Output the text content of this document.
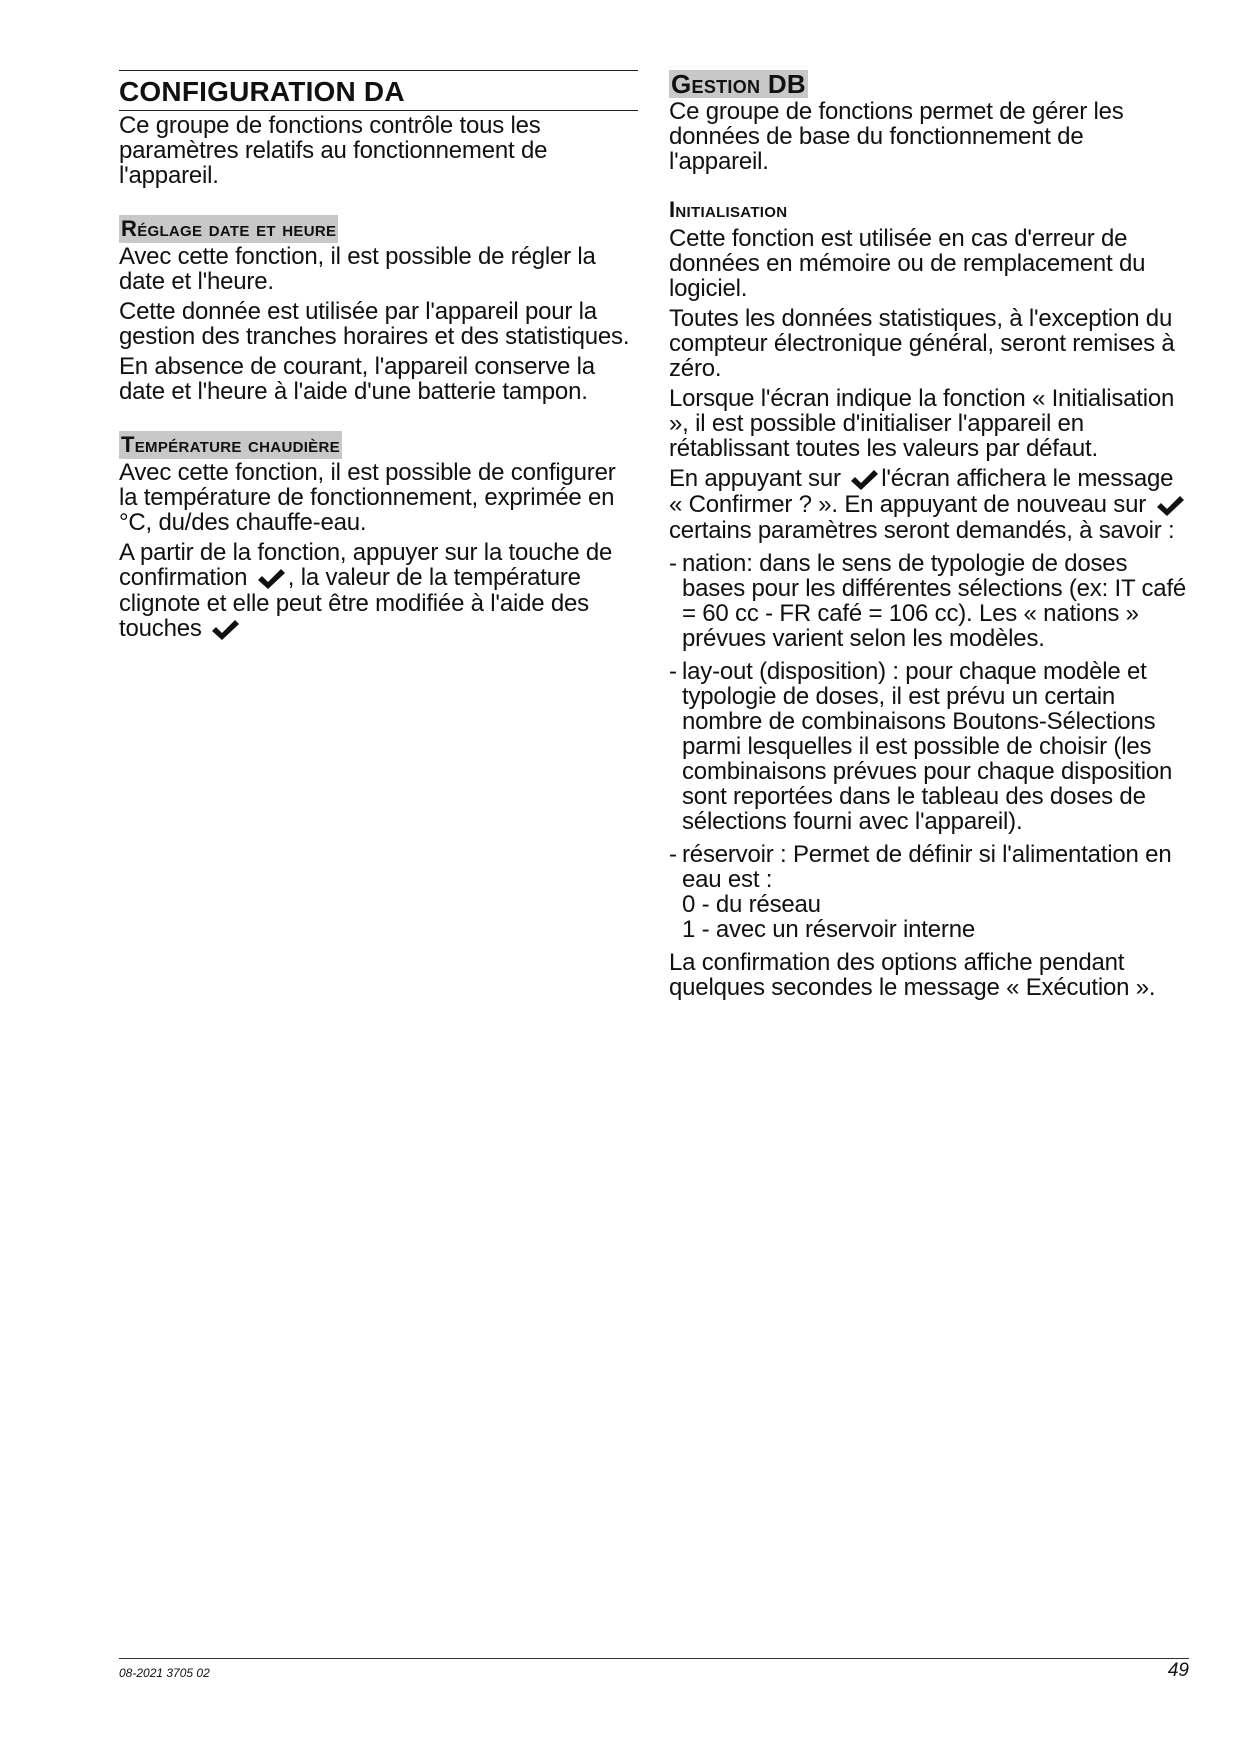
CONFIGURATION DA

Ce groupe de fonctions contrôle tous les paramètres relatifs au fonctionnement de l'appareil.

Réglage date et heure

Avec cette fonction, il est possible de régler la date et l'heure.

Cette donnée est utilisée par l'appareil pour la gestion des tranches horaires et des statistiques.

En absence de courant, l'appareil conserve la date et l'heure à l'aide d'une batterie tampon.

Température chaudière

Avec cette fonction, il est possible de configurer la température de fonctionnement, exprimée en °C, du/des chauffe-eau.

A partir de la fonction, appuyer sur la touche de confirmation , la valeur de la température clignote et elle peut être modifiée à l'aide des touches

Gestion DB

Ce groupe de fonctions permet de gérer les données de base du fonctionnement de l'appareil.

Initialisation

Cette fonction est utilisée en cas d'erreur de données en mémoire ou de remplacement du logiciel.

Toutes les données statistiques, à l'exception du compteur électronique général, seront remises à zéro.

Lorsque l'écran indique la fonction « Initialisation », il est possible d'initialiser l'appareil en rétablissant toutes les valeurs par défaut.

En appuyant sur l'écran affichera le message « Confirmer ? ». En appuyant de nouveau sur
certains paramètres seront demandés, à savoir :

- nation: dans le sens de typologie de doses bases pour les différentes sélections (ex: IT café = 60 cc - FR café = 106 cc). Les « nations » prévues varient selon les modèles.
- lay-out (disposition) : pour chaque modèle et typologie de doses, il est prévu un certain nombre de combinaisons Boutons-Sélections parmi lesquelles il est possible de choisir (les combinaisons prévues pour chaque disposition sont reportées dans le tableau des doses de sélections fourni avec l'appareil).
- réservoir : Permet de définir si l'alimentation en eau est :
0 - du réseau
1 - avec un réservoir interne

La confirmation des options affiche pendant quelques secondes le message « Exécution ».

08-2021 3705 02	49
